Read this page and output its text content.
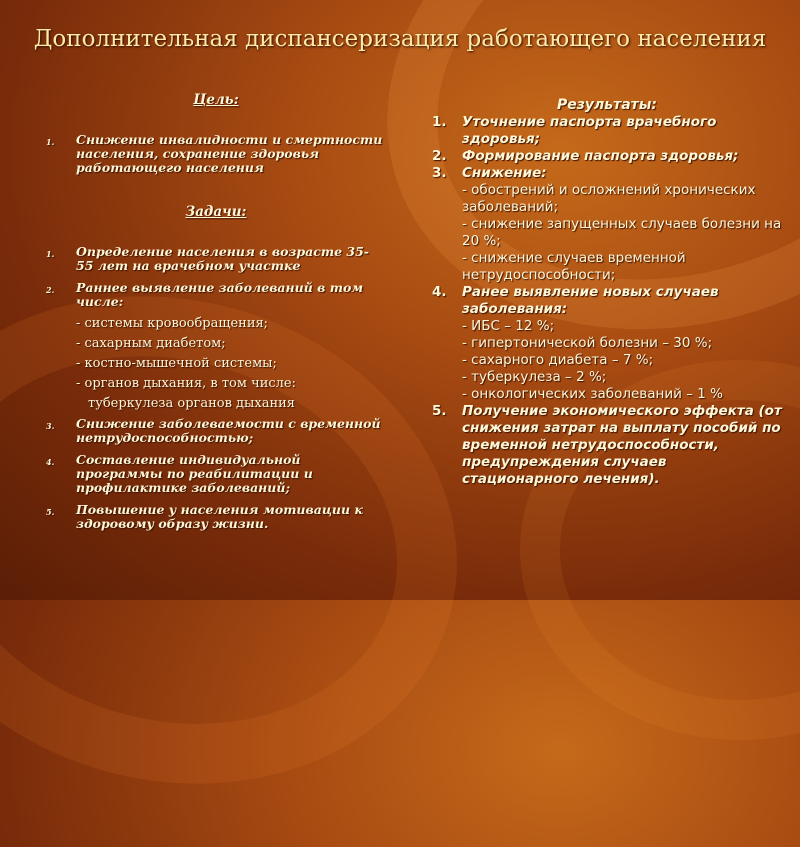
Дополнительная диспансеризация работающего населения
Цель:
1.	Снижение инвалидности и смертности населения, сохранение здоровья работающего населения
Задачи:
1.	Определение населения в возрасте 35-55 лет на врачебном участке
2.	Раннее выявление заболеваний в том числе:
- системы кровообращения;
- сахарным диабетом;
- костно-мышечной системы;
- органов дыхания, в том числе:
туберкулеза органов дыхания
3.	Снижение заболеваемости с временной нетрудоспособностью;
4.	Составление индивидуальной программы по реабилитации и профилактике заболеваний;
5.	Повышение у населения мотивации к здоровому образу жизни.
Результаты:
1.	Уточнение паспорта врачебного здоровья;
2.	Формирование паспорта здоровья;
3.	Снижение:
- обострений и осложнений хронических заболеваний;
- снижение запущенных случаев болезни на 20 %;
- снижение случаев временной нетрудоспособности;
4.	Ранее выявление новых случаев заболевания:
- ИБС – 12 %;
- гипертонической болезни – 30 %;
- сахарного диабета – 7 %;
- туберкулеза – 2 %;
- онкологических заболеваний – 1 %
5.	Получение экономического эффекта (от снижения затрат на выплату пособий по временной нетрудоспособности, предупреждения случаев стационарного лечения).
